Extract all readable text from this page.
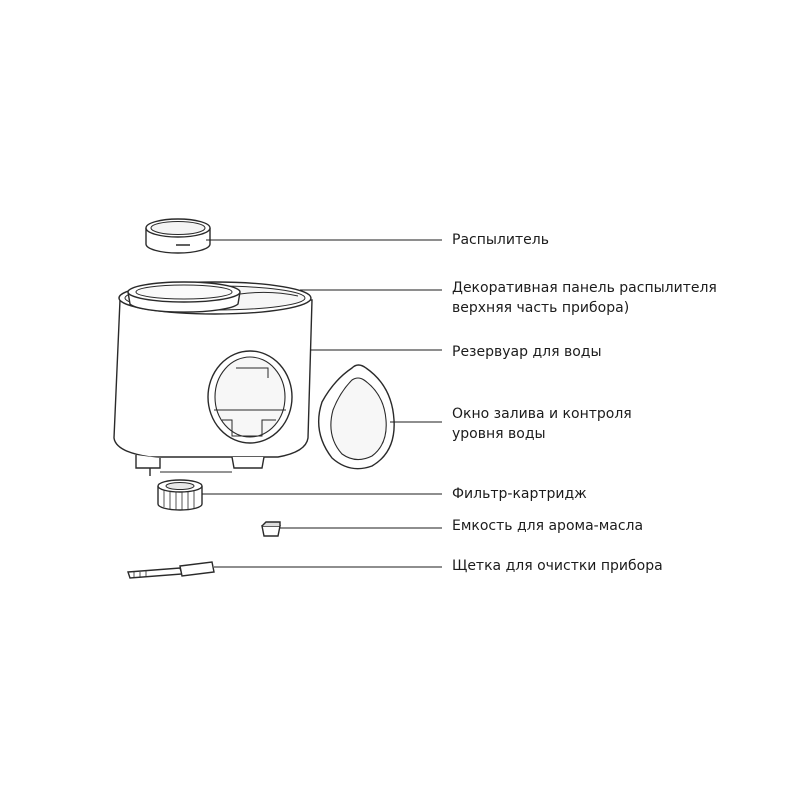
Распылитель
Декоративная панель распылителя
верхняя часть прибора)
Резервуар для воды
Окно залива и контроля
уровня воды
Фильтр-картридж
Емкость для арома-масла
Щетка для очистки прибора
